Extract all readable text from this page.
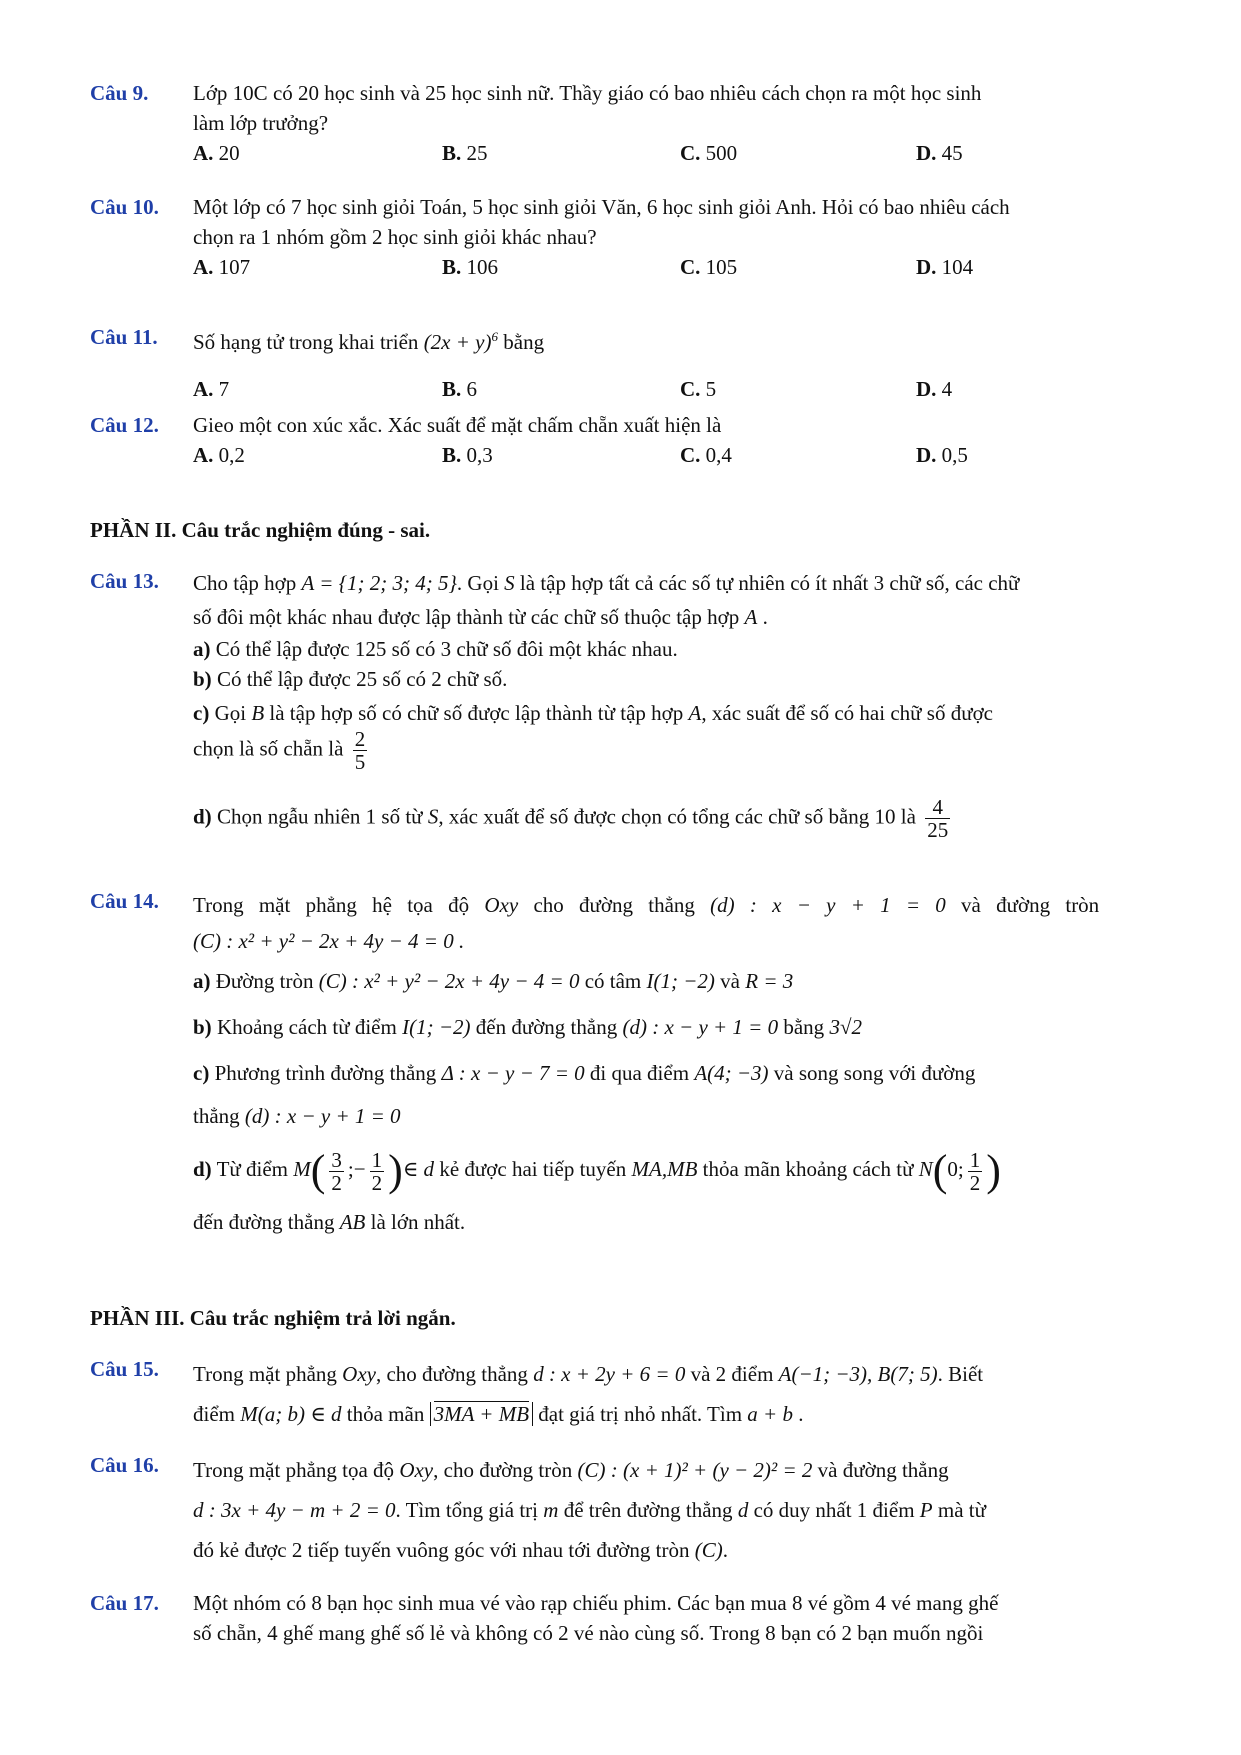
Câu 9. Lớp 10C có 20 học sinh và 25 học sinh nữ. Thầy giáo có bao nhiêu cách chọn ra một học sinh
làm lớp trưởng?
A. 20	B. 25	C. 500	D. 45
Câu 10. Một lớp có 7 học sinh giỏi Toán, 5 học sinh giỏi Văn, 6 học sinh giỏi Anh. Hỏi có bao nhiêu cách
chọn ra 1 nhóm gồm 2 học sinh giỏi khác nhau?
A. 107	B. 106	C. 105	D. 104
Câu 11. Số hạng tử trong khai triển $(2x + y)^6$ bằng
A. 7	B. 6	C. 5	D. 4
Câu 12. Gieo một con xúc xắc. Xác suất để mặt chấm chẵn xuất hiện là
A. 0,2	B. 0,3	C. 0,4	D. 0,5
PHẦN II. Câu trắc nghiệm đúng - sai.
Câu 13. Cho tập hợp A = {1; 2; 3; 4; 5}. Gọi S là tập hợp tất cả các số tự nhiên có ít nhất 3 chữ số, các chữ
số đôi một khác nhau được lập thành từ các chữ số thuộc tập hợp A .
a) Có thể lập được 125 số có 3 chữ số đôi một khác nhau.
b) Có thể lập được 25 số có 2 chữ số.
c) Gọi B là tập hợp số có chữ số được lập thành từ tập hợp A, xác suất để số có hai chữ số được
chọn là số chẵn là $\frac{2}{5}$
d) Chọn ngẫu nhiên 1 số từ S, xác xuất để số được chọn có tổng các chữ số bằng 10 là $\frac{4}{25}$
Câu 14. Trong mặt phẳng hệ tọa độ Oxy cho đường thẳng (d) : x − y + 1 = 0 và đường tròn
(C) : x² + y² − 2x + 4y − 4 = 0 .
a) Đường tròn (C) : x² + y² − 2x + 4y − 4 = 0 có tâm I(1; −2) và R = 3
b) Khoảng cách từ điểm I(1; −2) đến đường thẳng (d) : x − y + 1 = 0 bằng 3√2
c) Phương trình đường thẳng Δ : x − y − 7 = 0 đi qua điểm A(4; −3) và song song với đường
thẳng (d) : x − y + 1 = 0
d) Từ điểm $M( \frac{3}{2}$ ;− $\frac{1}{2}$ )∈ d kẻ được hai tiếp tuyến MA,MB thỏa mãn khoảng cách từ N(0; $\frac{1}{2}$ )
đến đường thẳng AB là lớn nhất.
PHẦN III. Câu trắc nghiệm trả lời ngắn.
Câu 15. Trong mặt phẳng Oxy, cho đường thẳng d : x + 2y + 6 = 0 và 2 điểm A(−1; −3), B(7; 5). Biết
điểm M(a; b) ∈ d thỏa mãn 3MA + MB đạt giá trị nhỏ nhất. Tìm a + b .
Câu 16. Trong mặt phẳng tọa độ Oxy, cho đường tròn (C) : (x + 1)² + (y − 2)² = 2 và đường thẳng
d : 3x + 4y − m + 2 = 0. Tìm tổng giá trị m để trên đường thẳng d có duy nhất 1 điểm P mà từ
đó kẻ được 2 tiếp tuyến vuông góc với nhau tới đường tròn (C).
Câu 17. Một nhóm có 8 bạn học sinh mua vé vào rạp chiếu phim. Các bạn mua 8 vé gồm 4 vé mang ghế
số chẵn, 4 ghế mang ghế số lẻ và không có 2 vé nào cùng số. Trong 8 bạn có 2 bạn muốn ngồi
